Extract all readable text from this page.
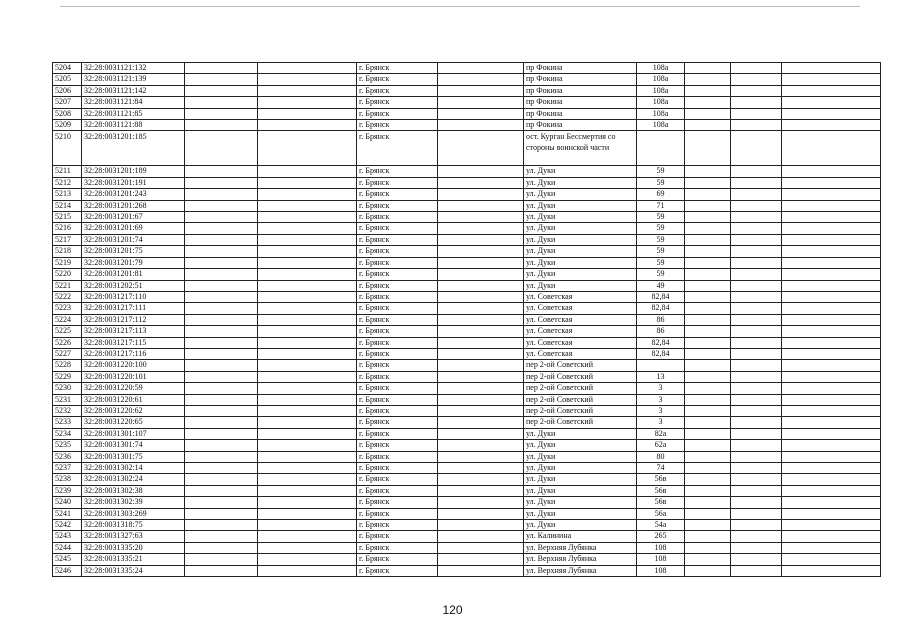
5204	32:28:0031121:132			г. Брянск		пр Фокина	108а			
5205	32:28:0031121:139			г. Брянск		пр Фокина	108а			
5206	32:28:0031121:142			г. Брянск		пр Фокина	108а			
5207	32:28:0031121:84			г. Брянск		пр Фокина	108а			
5208	32:28:0031121:85			г. Брянск		пр Фокина	108а			
5209	32:28:0031121:88			г. Брянск		пр Фокина	108а			
5210	32:28:0031201:185			г. Брянск		ост. Курган Бессмертия со стороны воинской части				
5211	32:28:0031201:189			г. Брянск		ул. Дуки	59			
5212	32:28:0031201:191			г. Брянск		ул. Дуки	59			
5213	32:28:0031201:243			г. Брянск		ул. Дуки	69			
5214	32:28:0031201:268			г. Брянск		ул. Дуки	71			
5215	32:28:0031201:67			г. Брянск		ул. Дуки	59			
5216	32:28:0031201:69			г. Брянск		ул. Дуки	59			
5217	32:28:0031201:74			г. Брянск		ул. Дуки	59			
5218	32:28:0031201:75			г. Брянск		ул. Дуки	59			
5219	32:28:0031201:79			г. Брянск		ул. Дуки	59			
5220	32:28:0031201:81			г. Брянск		ул. Дуки	59			
5221	32:28:0031202:51			г. Брянск		ул. Дуки	49			
5222	32:28:0031217:110			г. Брянск		ул. Советская	82,84			
5223	32:28:0031217:111			г. Брянск		ул. Советская	82,84			
5224	32:28:0031217:112			г. Брянск		ул. Советская	86			
5225	32:28:0031217:113			г. Брянск		ул. Советская	86			
5226	32:28:0031217:115			г. Брянск		ул. Советская	82,84			
5227	32:28:0031217:116			г. Брянск		ул. Советская	82,84			
5228	32:28:0031220:100			г. Брянск		пер 2-ой Советский				
5229	32:28:0031220:101			г. Брянск		пер 2-ой Советский	13			
5230	32:28:0031220:59			г. Брянск		пер 2-ой Советский	3			
5231	32:28:0031220:61			г. Брянск		пер 2-ой Советский	3			
5232	32:28:0031220:62			г. Брянск		пер 2-ой Советский	3			
5233	32:28:0031220:65			г. Брянск		пер 2-ой Советский	3			
5234	32:28:0031301:107			г. Брянск		ул. Дуки	82а			
5235	32:28:0031301:74			г. Брянск		ул. Дуки	62а			
5236	32:28:0031301:75			г. Брянск		ул. Дуки	80			
5237	32:28:0031302:14			г. Брянск		ул. Дуки	74			
5238	32:28:0031302:24			г. Брянск		ул. Дуки	56в			
5239	32:28:0031302:38			г. Брянск		ул. Дуки	56в			
5240	32:28:0031302:39			г. Брянск		ул. Дуки	56в			
5241	32:28:0031303:269			г. Брянск		ул. Дуки	56а			
5242	32:28:0031318:75			г. Брянск		ул. Дуки	54а			
5243	32:28:0031327:63			г. Брянск		ул. Калинина	265			
5244	32:28:0031335:20			г. Брянск		ул. Верхняя Лубянка	108			
5245	32:28:0031335:21			г. Брянск		ул. Верхняя Лубянка	108			
5246	32:28:0031335:24			г. Брянск		ул. Верхняя Лубянка	108			
120
